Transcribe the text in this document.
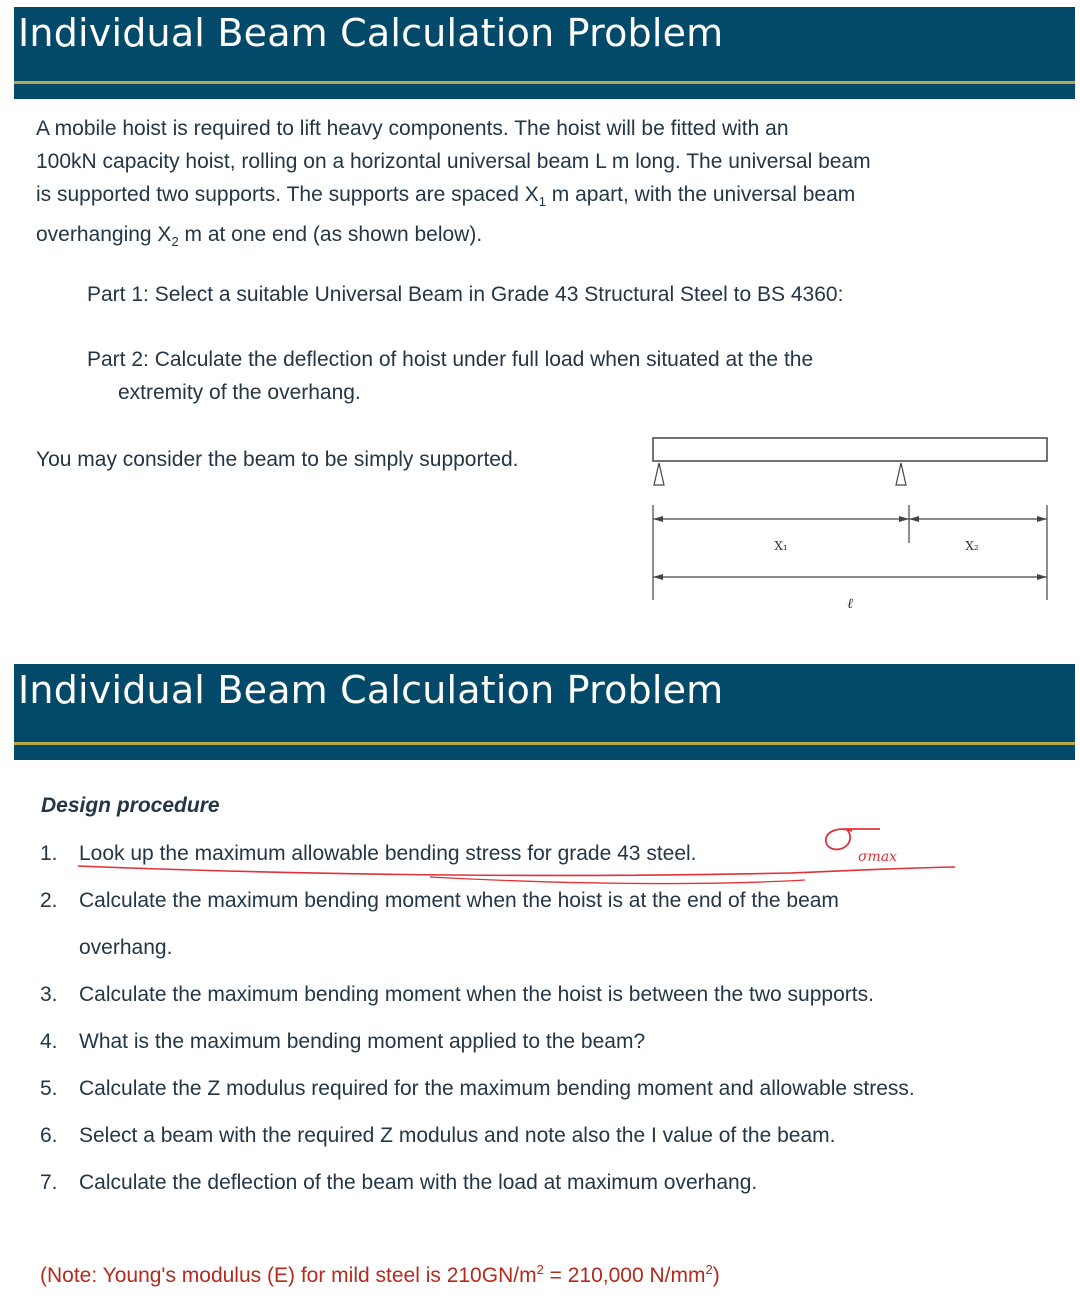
Individual Beam Calculation Problem
A mobile hoist is required to lift heavy components. The hoist will be fitted with an
100kN capacity hoist, rolling on a horizontal universal beam L m long. The universal beam
is supported two supports. The supports are spaced $X_1$ m apart, with the universal beam
overhanging $X_2$ m at one end (as shown below).
Part 1: Select a suitable Universal Beam in Grade 43 Structural Steel to BS 4360:
Part 2: Calculate the deflection of hoist under full load when situated at the the
extremity of the overhang.
You may consider the beam to be simply supported.
X₁	X₂
ℓ
Individual Beam Calculation Problem
Design procedure
1.	Look up the maximum allowable bending stress for grade 43 steel.
2.	Calculate the maximum bending moment when the hoist is at the end of the beam
overhang.
3.	Calculate the maximum bending moment when the hoist is between the two supports.
4.	What is the maximum bending moment applied to the beam?
5.	Calculate the Z modulus required for the maximum bending moment and allowable stress.
6.	Select a beam with the required Z modulus and note also the I value of the beam.
7.	Calculate the deflection of the beam with the load at maximum overhang.
σmax
(Note: Young's modulus (E) for mild steel is $210GN/m^2 = 210,000$ $N/mm^2$)
